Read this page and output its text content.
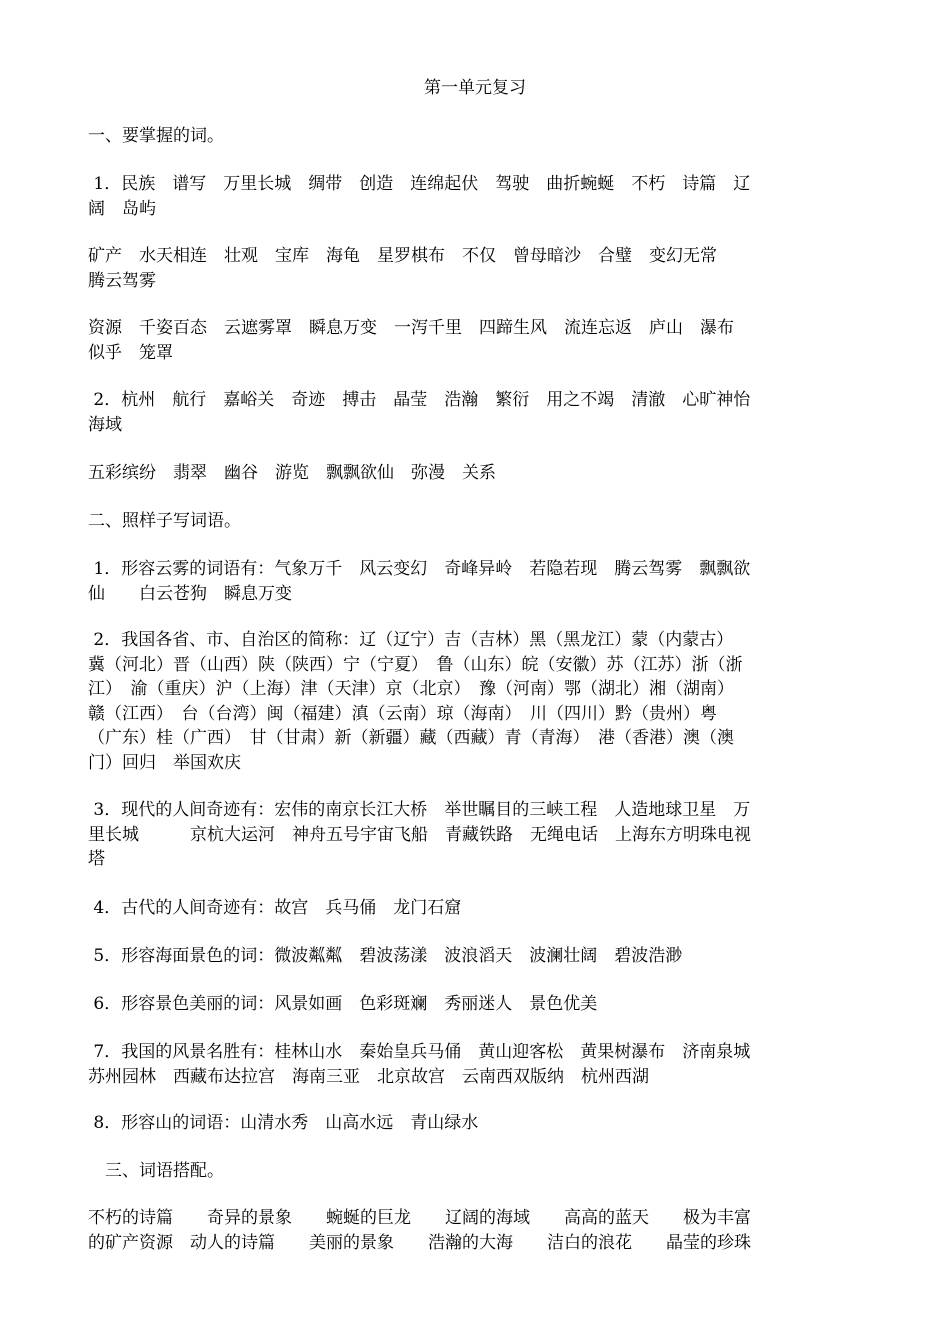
第一单元复习
一、要掌握的词。
1．民族　谱写　万里长城　绸带　创造　连绵起伏　驾驶　曲折蜿蜒　不朽　诗篇　辽
阔　岛屿
矿产　水天相连　壮观　宝库　海龟　星罗棋布　不仅　曾母暗沙　合璧　变幻无常
腾云驾雾
资源　千姿百态　云遮雾罩　瞬息万变　一泻千里　四蹄生风　流连忘返　庐山　瀑布
似乎　笼罩
2．杭州　航行　嘉峪关　奇迹　搏击　晶莹　浩瀚　繁衍　用之不竭　清澈　心旷神怡
海域
五彩缤纷　翡翠　幽谷　游览　飘飘欲仙　弥漫　关系
二、照样子写词语。
1．形容云雾的词语有：气象万千　风云变幻　奇峰异岭　若隐若现　腾云驾雾　飘飘欲
仙　　白云苍狗　瞬息万变
2．我国各省、市、自治区的简称：辽（辽宁）吉（吉林）黑（黑龙江）蒙（内蒙古）
冀（河北）晋（山西）陕（陕西）宁（宁夏）　鲁（山东）皖（安徽）苏（江苏）浙（浙
江）　渝（重庆）沪（上海）津（天津）京（北京）　豫（河南）鄂（湖北）湘（湖南）
赣（江西）　台（台湾）闽（福建）滇（云南）琼（海南）　川（四川）黔（贵州）粤
（广东）桂（广西）　甘（甘肃）新（新疆）藏（西藏）青（青海）　港（香港）澳（澳
门）回归　举国欢庆
3．现代的人间奇迹有：宏伟的南京长江大桥　举世瞩目的三峡工程　人造地球卫星　万
里长城　　　京杭大运河　神舟五号宇宙飞船　青藏铁路　无绳电话　上海东方明珠电视
塔
4．古代的人间奇迹有：故宫　兵马俑　龙门石窟
5．形容海面景色的词：微波粼粼　碧波荡漾　波浪滔天　波澜壮阔　碧波浩渺
6．形容景色美丽的词：风景如画　色彩斑斓　秀丽迷人　景色优美
7．我国的风景名胜有：桂林山水　秦始皇兵马俑　黄山迎客松　黄果树瀑布　济南泉城
苏州园林　西藏布达拉宫　海南三亚　北京故宫　云南西双版纳　杭州西湖
8．形容山的词语：山清水秀　山高水远　青山绿水
　三、词语搭配。
不朽的诗篇　　奇异的景象　　蜿蜒的巨龙　　辽阔的海域　　高高的蓝天　　极为丰富
的矿产资源　动人的诗篇　　美丽的景象　　浩瀚的大海　　洁白的浪花　　晶莹的珍珠
